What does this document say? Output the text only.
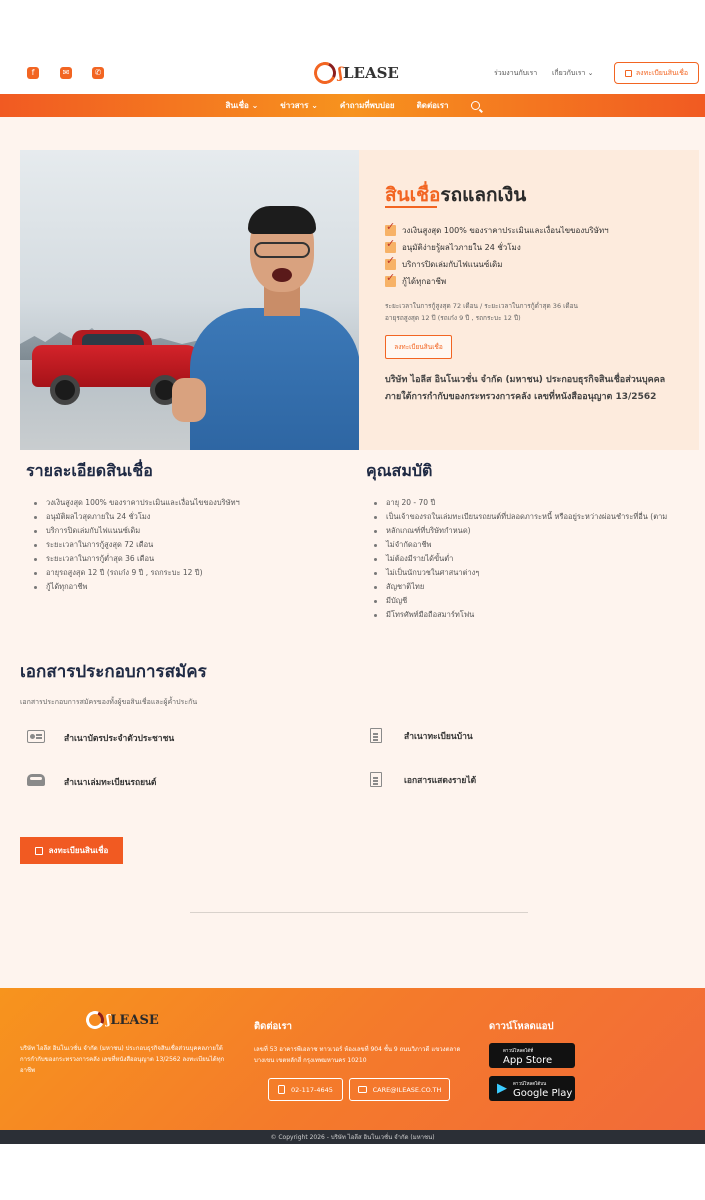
f	✉	✆	ʃLEASE	ร่วมงานกับเรา เกี่ยวกับเรา ⌄	ลงทะเบียนสินเชื่อ
สินเชื่อ ⌄	ข่าวสาร ⌄	คำถามที่พบบ่อย	ติดต่อเรา
สินเชื่อรถแลกเงิน
✓
วงเงินสูงสุด 100% ของราคาประเมินและเงื่อนไขของบริษัทฯ
✓
อนุมัติง่ายรู้ผลไวภายใน 24 ชั่วโมง
✓
บริการปิดเล่มกับไฟแนนซ์เดิม
✓
กู้ได้ทุกอาชีพ
ระยะเวลาในการกู้สูงสุด 72 เดือน / ระยะเวลาในการกู้ต่ำสุด 36 เดือน
อายุรถสูงสุด 12 ปี (รถเก๋ง 9 ปี , รถกระบะ 12 ปี)
ลงทะเบียนสินเชื่อ

บริษัท ไอลีส อินโนเวชั่น จำกัด (มหาชน) ประกอบธุรกิจสินเชื่อส่วนบุคคลภายใต้การกำกับของกระทรวงการคลัง เลขที่หนังสืออนุญาต 13/2562

รายละเอียดสินเชื่อ
วงเงินสูงสุด 100% ของราคาประเมินและเงื่อนไขของบริษัทฯ
อนุมัติผลไวสุดภายใน 24 ชั่วโมง
บริการปิดเล่มกับไฟแนนซ์เดิม
ระยะเวลาในการกู้สูงสุด 72 เดือน
ระยะเวลาในการกู้ต่ำสุด 36 เดือน
อายุรถสูงสุด 12 ปี (รถเก๋ง 9 ปี , รถกระบะ 12 ปี)
กู้ได้ทุกอาชีพ
คุณสมบัติ
อายุ 20 - 70 ปี
เป็นเจ้าของรถในเล่มทะเบียนรถยนต์ที่ปลอดภาระหนี้ หรืออยู่ระหว่างผ่อนชำระที่อื่น (ตาม
หลักเกณฑ์ที่บริษัทกำหนด)
ไม่จำกัดอาชีพ
ไม่ต้องมีรายได้ขั้นต่ำ
ไม่เป็นนักบวชในศาสนาต่างๆ
สัญชาติไทย
มีบัญชี
มีโทรศัพท์มือถือสมาร์ทโฟน
เอกสารประกอบการสมัคร

เอกสารประกอบการสมัครของทั้งผู้ขอสินเชื่อและผู้ค้ำประกัน

สำเนาบัตรประจำตัวประชาชน	สำเนาทะเบียนบ้าน
สำเนาเล่มทะเบียนรถยนต์	เอกสารแสดงรายได้
ลงทะเบียนสินเชื่อ
ʃLEASE

บริษัท ไอลีส อินโนเวชั่น จำกัด (มหาชน) ประกอบธุรกิจสินเชื่อส่วนบุคคลภายใต้การกำกับของกระทรวงการคลัง เลขที่หนังสืออนุญาต 13/2562 ลงทะเบียนได้ทุกอาชีพ

ติดต่อเรา

เลขที่ 53 อาคารพีเอลาซ ทาวเวอร์ ห้องเลขที่ 904 ชั้น 9 ถนนวิภาวดี แขวงตลาดบางเขน เขตหลักสี่ กรุงเทพมหานคร 10210

02-117-4645	CARE@ILEASE.CO.TH
ดาวน์โหลดแอป
ดาวน์โหลดได้ที่
App Store
▶ ดาวน์โหลดได้บน
Google Play
© Copyright 2026 - บริษัท ไอลีส อินโนเวชั่น จำกัด (มหาชน)
